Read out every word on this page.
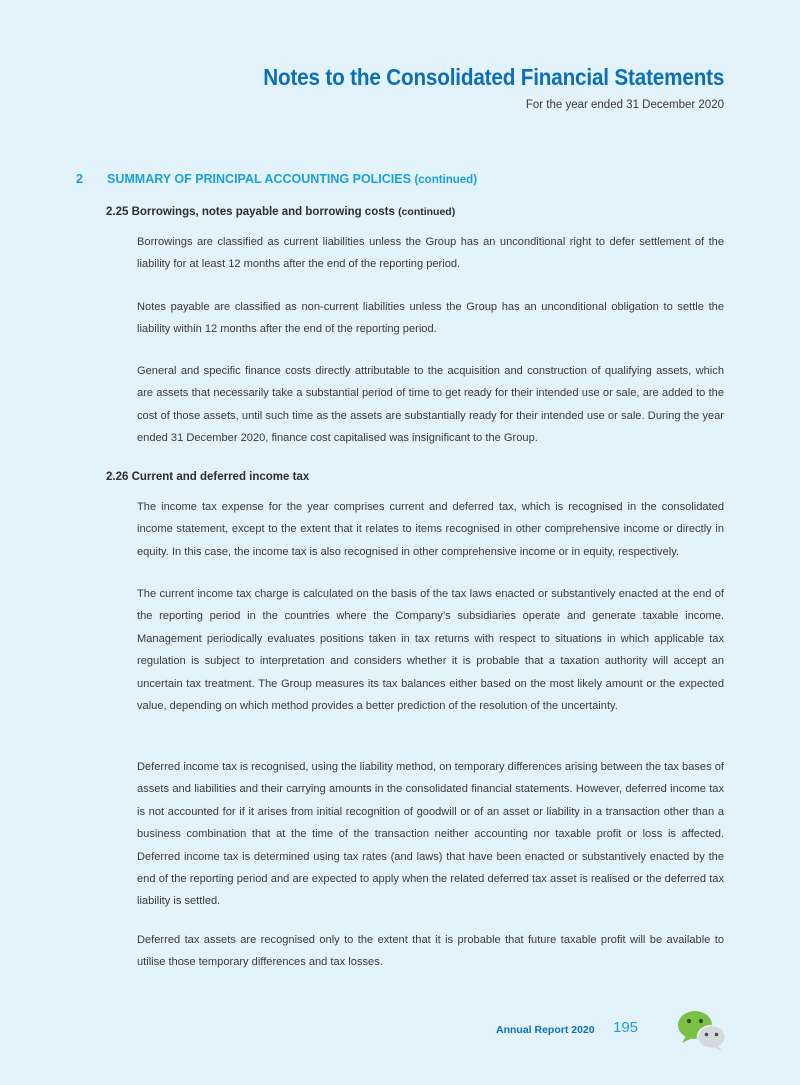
Notes to the Consolidated Financial Statements
For the year ended 31 December 2020
2 SUMMARY OF PRINCIPAL ACCOUNTING POLICIES (continued)
2.25 Borrowings, notes payable and borrowing costs (continued)

Borrowings are classified as current liabilities unless the Group has an unconditional right to defer settlement of the liability for at least 12 months after the end of the reporting period.

Notes payable are classified as non-current liabilities unless the Group has an unconditional obligation to settle the liability within 12 months after the end of the reporting period.

General and specific finance costs directly attributable to the acquisition and construction of qualifying assets, which are assets that necessarily take a substantial period of time to get ready for their intended use or sale, are added to the cost of those assets, until such time as the assets are substantially ready for their intended use or sale. During the year ended 31 December 2020, finance cost capitalised was insignificant to the Group.

2.26 Current and deferred income tax

The income tax expense for the year comprises current and deferred tax, which is recognised in the consolidated income statement, except to the extent that it relates to items recognised in other comprehensive income or directly in equity. In this case, the income tax is also recognised in other comprehensive income or in equity, respectively.

The current income tax charge is calculated on the basis of the tax laws enacted or substantively enacted at the end of the reporting period in the countries where the Company’s subsidiaries operate and generate taxable income. Management periodically evaluates positions taken in tax returns with respect to situations in which applicable tax regulation is subject to interpretation and considers whether it is probable that a taxation authority will accept an uncertain tax treatment. The Group measures its tax balances either based on the most likely amount or the expected value, depending on which method provides a better prediction of the resolution of the uncertainty.

Deferred income tax is recognised, using the liability method, on temporary differences arising between the tax bases of assets and liabilities and their carrying amounts in the consolidated financial statements. However, deferred income tax is not accounted for if it arises from initial recognition of goodwill or of an asset or liability in a transaction other than a business combination that at the time of the transaction neither accounting nor taxable profit or loss is affected. Deferred income tax is determined using tax rates (and laws) that have been enacted or substantively enacted by the end of the reporting period and are expected to apply when the related deferred tax asset is realised or the deferred tax liability is settled.

Deferred tax assets are recognised only to the extent that it is probable that future taxable profit will be available to utilise those temporary differences and tax losses.

Annual Report 2020 195
